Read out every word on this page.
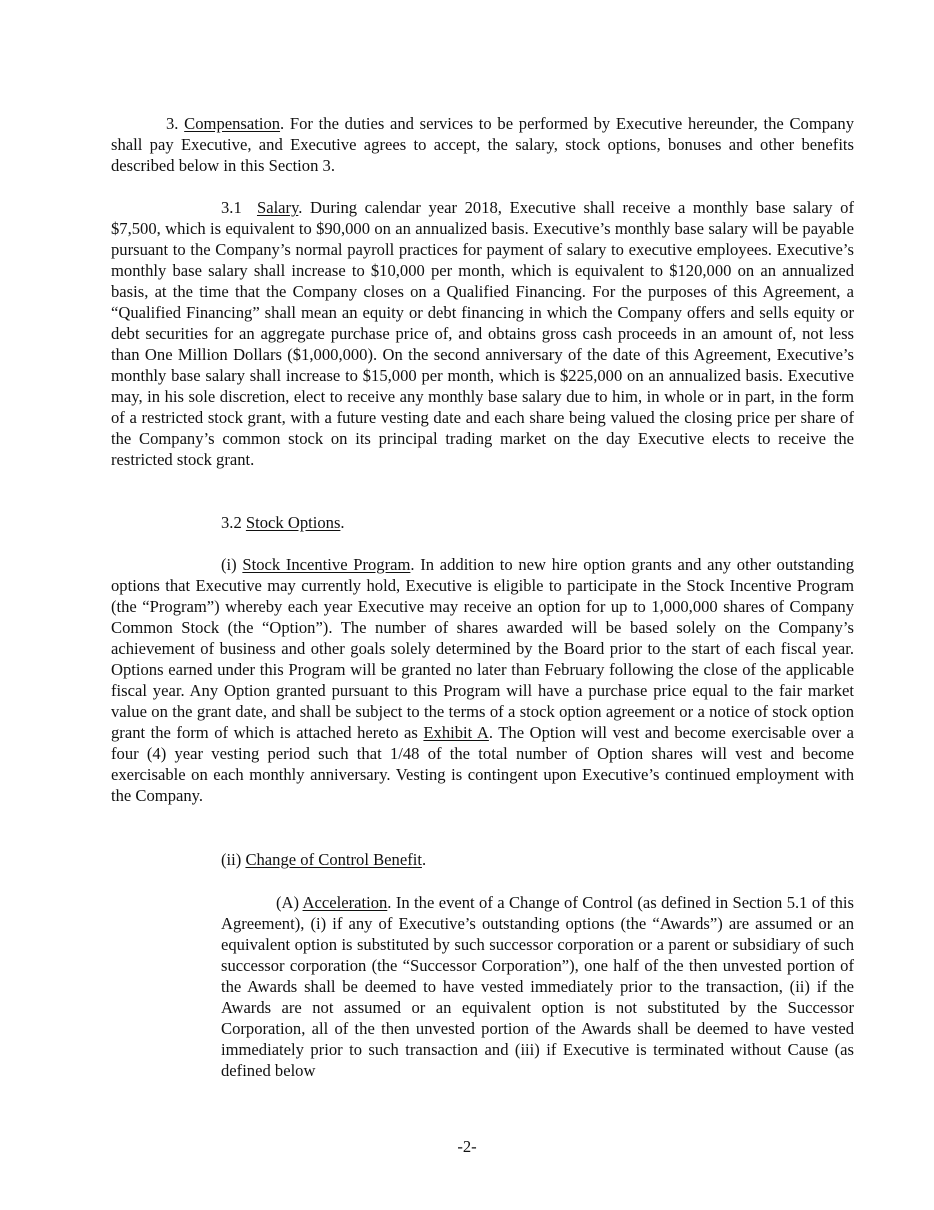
3. Compensation. For the duties and services to be performed by Executive hereunder, the Company shall pay Executive, and Executive agrees to accept, the salary, stock options, bonuses and other benefits described below in this Section 3.

3.1 Salary. During calendar year 2018, Executive shall receive a monthly base salary of $7,500, which is equivalent to $90,000 on an annualized basis. Executive’s monthly base salary will be payable pursuant to the Company’s normal payroll practices for payment of salary to executive employees. Executive’s monthly base salary shall increase to $10,000 per month, which is equivalent to $120,000 on an annualized basis, at the time that the Company closes on a Qualified Financing. For the purposes of this Agreement, a “Qualified Financing” shall mean an equity or debt financing in which the Company offers and sells equity or debt securities for an aggregate purchase price of, and obtains gross cash proceeds in an amount of, not less than One Million Dollars ($1,000,000). On the second anniversary of the date of this Agreement, Executive’s monthly base salary shall increase to $15,000 per month, which is $225,000 on an annualized basis. Executive may, in his sole discretion, elect to receive any monthly base salary due to him, in whole or in part, in the form of a restricted stock grant, with a future vesting date and each share being valued the closing price per share of the Company’s common stock on its principal trading market on the day Executive elects to receive the restricted stock grant.

3.2 Stock Options.

(i) Stock Incentive Program. In addition to new hire option grants and any other outstanding options that Executive may currently hold, Executive is eligible to participate in the Stock Incentive Program (the “Program”) whereby each year Executive may receive an option for up to 1,000,000 shares of Company Common Stock (the “Option”). The number of shares awarded will be based solely on the Company’s achievement of business and other goals solely determined by the Board prior to the start of each fiscal year. Options earned under this Program will be granted no later than February following the close of the applicable fiscal year. Any Option granted pursuant to this Program will have a purchase price equal to the fair market value on the grant date, and shall be subject to the terms of a stock option agreement or a notice of stock option grant the form of which is attached hereto as Exhibit A. The Option will vest and become exercisable over a four (4) year vesting period such that 1/48 of the total number of Option shares will vest and become exercisable on each monthly anniversary. Vesting is contingent upon Executive’s continued employment with the Company.

(ii) Change of Control Benefit.

(A) Acceleration. In the event of a Change of Control (as defined in Section 5.1 of this Agreement), (i) if any of Executive’s outstanding options (the “Awards”) are assumed or an equivalent option is substituted by such successor corporation or a parent or subsidiary of such successor corporation (the “Successor Corporation”), one half of the then unvested portion of the Awards shall be deemed to have vested immediately prior to the transaction, (ii) if the Awards are not assumed or an equivalent option is not substituted by the Successor Corporation, all of the then unvested portion of the Awards shall be deemed to have vested immediately prior to such transaction and (iii) if Executive is terminated without Cause (as defined below

-2-
